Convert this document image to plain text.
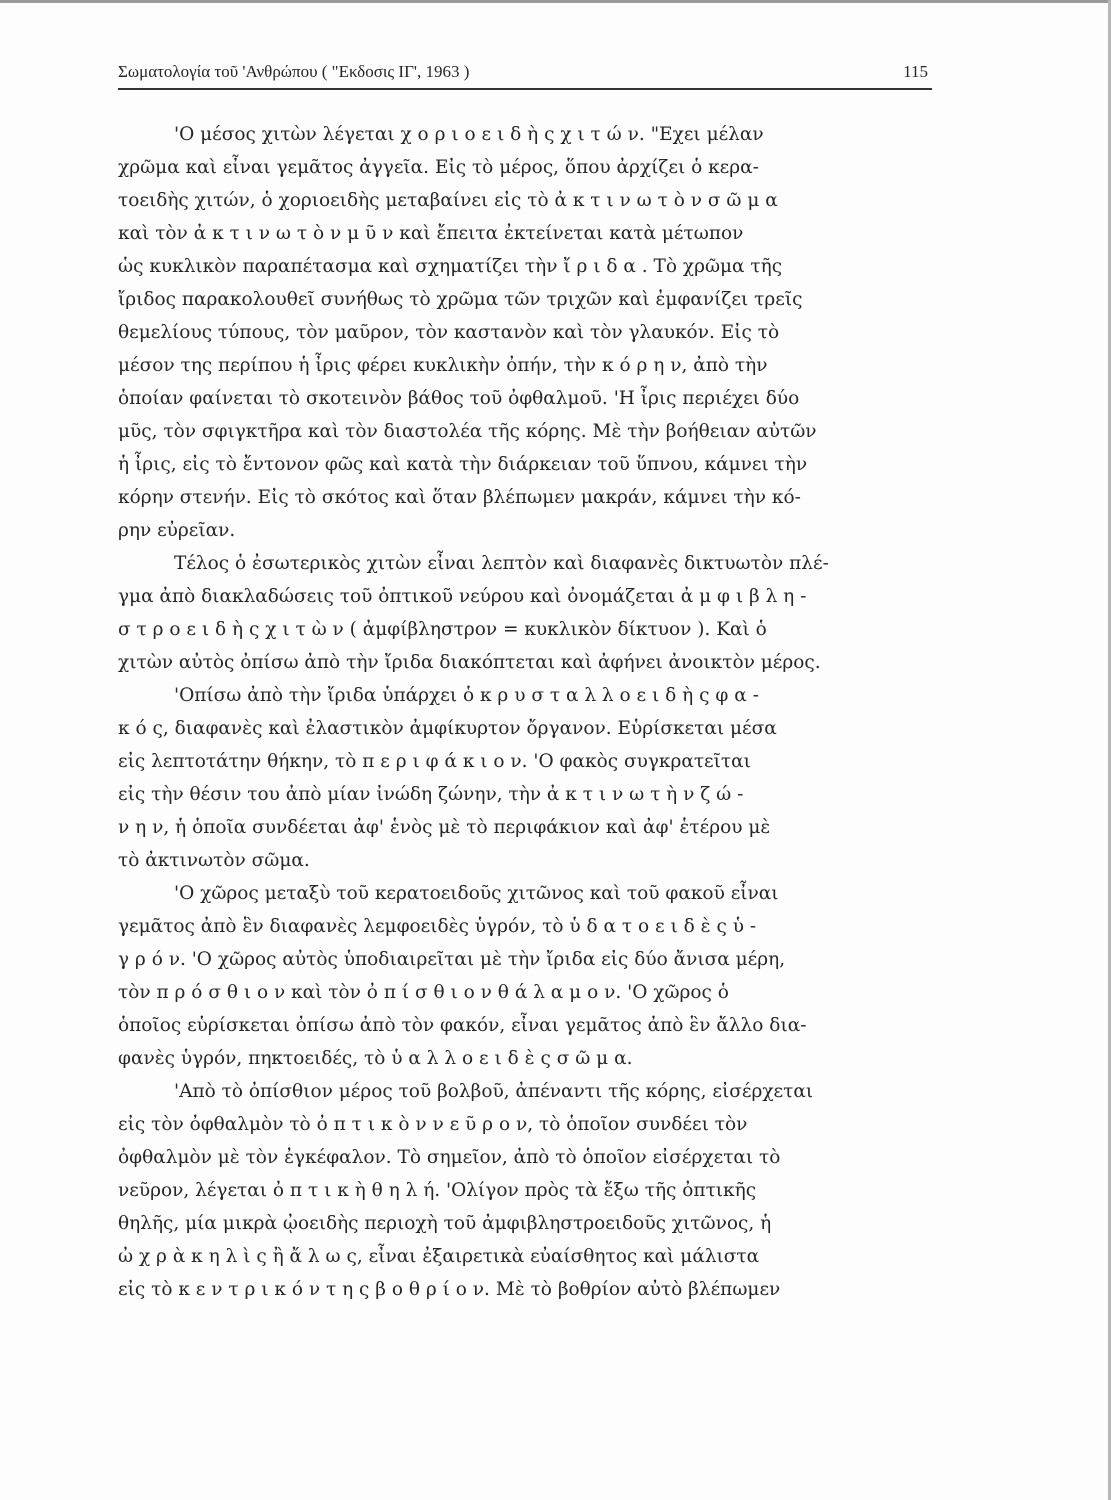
Σωματολογία τοῦ 'Ανθρώπου ( "Εκδοσις ΙΓ', 1963 )	115

'Ο μέσος χιτὼν λέγεται χ ο ρ ι ο ε ι δ ὴ ς χ ι τ ώ ν. "Εχει μέλαν
χρῶμα καὶ εἶναι γεμᾶτος ἀγγεῖα. Εἰς τὸ μέρος, ὅπου ἀρχίζει ὁ κερα-
τοειδὴς χιτών, ὁ χοριοειδὴς μεταβαίνει εἰς τὸ ἀ κ τ ι ν ω τ ὸ ν σ ῶ μ α
καὶ τὸν ἀ κ τ ι ν ω τ ὸ ν μ ῦ ν καὶ ἔπειτα ἐκτείνεται κατὰ μέτωπον
ὡς κυκλικὸν παραπέτασμα καὶ σχηματίζει τὴν ἴ ρ ι δ α . Τὸ χρῶμα τῆς
ἴριδος παρακολουθεῖ συνήθως τὸ χρῶμα τῶν τριχῶν καὶ ἐμφανίζει τρεῖς
θεμελίους τύπους, τὸν μαῦρον, τὸν καστανὸν καὶ τὸν γλαυκόν. Εἰς τὸ
μέσον της περίπου ἡ ἶρις φέρει κυκλικὴν ὀπήν, τὴν κ ό ρ η ν, ἀπὸ τὴν
ὁποίαν φαίνεται τὸ σκοτεινὸν βάθος τοῦ ὀφθαλμοῦ. 'Η ἶρις περιέχει δύο
μῦς, τὸν σφιγκτῆρα καὶ τὸν διαστολέα τῆς κόρης. Μὲ τὴν βοήθειαν αὐτῶν
ἡ ἶρις, εἰς τὸ ἔντονον φῶς καὶ κατὰ τὴν διάρκειαν τοῦ ὕπνου, κάμνει τὴν
κόρην στενήν. Εἰς τὸ σκότος καὶ ὅταν βλέπωμεν μακράν, κάμνει τὴν κό-
ρην εὐρεῖαν.

Τέλος ὁ ἐσωτερικὸς χιτὼν εἶναι λεπτὸν καὶ διαφανὲς δικτυωτὸν πλέ-
γμα ἀπὸ διακλαδώσεις τοῦ ὀπτικοῦ νεύρου καὶ ὀνομάζεται ἀ μ φ ι β λ η -
σ τ ρ ο ε ι δ ὴ ς χ ι τ ὼ ν ( ἀμφίβληστρον = κυκλικὸν δίκτυον ). Καὶ ὁ
χιτὼν αὐτὸς ὀπίσω ἀπὸ τὴν ἴριδα διακόπτεται καὶ ἀφήνει ἀνοικτὸν μέρος.

'Οπίσω ἀπὸ τὴν ἴριδα ὑπάρχει ὁ κ ρ υ σ τ α λ λ ο ε ι δ ὴ ς φ α -
κ ό ς, διαφανὲς καὶ ἐλαστικὸν ἀμφίκυρτον ὄργανον. Εὑρίσκεται μέσα
εἰς λεπτοτάτην θήκην, τὸ π ε ρ ι φ ά κ ι ο ν. 'Ο φακὸς συγκρατεῖται
εἰς τὴν θέσιν του ἀπὸ μίαν ἰνώδη ζώνην, τὴν ἀ κ τ ι ν ω τ ὴ ν ζ ώ -
ν η ν, ἡ ὁποῖα συνδέεται ἀφ' ἑνὸς μὲ τὸ περιφάκιον καὶ ἀφ' ἑτέρου μὲ
τὸ ἀκτινωτὸν σῶμα.

'Ο χῶρος μεταξὺ τοῦ κερατοειδοῦς χιτῶνος καὶ τοῦ φακοῦ εἶναι
γεμᾶτος ἀπὸ ἓν διαφανὲς λεμφοειδὲς ὑγρόν, τὸ ὑ δ α τ ο ε ι δ ὲ ς ὑ -
γ ρ ό ν. 'Ο χῶρος αὐτὸς ὑποδιαιρεῖται μὲ τὴν ἴριδα εἰς δύο ἄνισα μέρη,
τὸν π ρ ό σ θ ι ο ν καὶ τὸν ὀ π ί σ θ ι ο ν θ ά λ α μ ο ν. 'Ο χῶρος ὁ
ὁποῖος εὑρίσκεται ὀπίσω ἀπὸ τὸν φακόν, εἶναι γεμᾶτος ἀπὸ ἓν ἄλλο δια-
φανὲς ὑγρόν, πηκτοειδές, τὸ ὑ α λ λ ο ε ι δ ὲ ς σ ῶ μ α.

'Απὸ τὸ ὀπίσθιον μέρος τοῦ βολβοῦ, ἀπέναντι τῆς κόρης, εἰσέρχεται
εἰς τὸν ὀφθαλμὸν τὸ ὀ π τ ι κ ὸ ν ν ε ῦ ρ ο ν, τὸ ὁποῖον συνδέει τὸν
ὀφθαλμὸν μὲ τὸν ἐγκέφαλον. Τὸ σημεῖον, ἀπὸ τὸ ὁποῖον εἰσέρχεται τὸ
νεῦρον, λέγεται ὀ π τ ι κ ὴ θ η λ ή. 'Ολίγον πρὸς τὰ ἔξω τῆς ὀπτικῆς
θηλῆς, μία μικρὰ ᾠοειδὴς περιοχὴ τοῦ ἀμφιβληστροειδοῦς χιτῶνος, ἡ
ὠ χ ρ ὰ κ η λ ὶ ς ἢ ἄ λ ω ς, εἶναι ἐξαιρετικὰ εὐαίσθητος καὶ μάλιστα
εἰς τὸ κ ε ν τ ρ ι κ ό ν τ η ς β ο θ ρ ί ο ν. Μὲ τὸ βοθρίον αὐτὸ βλέπωμεν
